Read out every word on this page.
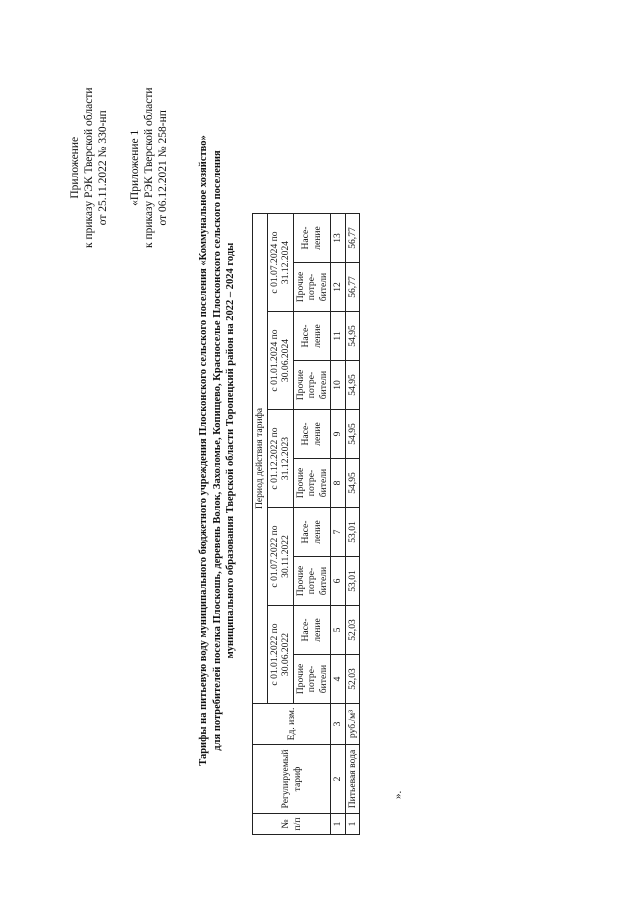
Приложение к приказу РЭК Тверской области от 25.11.2022 № 330-нп «Приложение 1 к приказу РЭК Тверской области от 06.12.2021 № 258-нп	Тарифы на питьевую воду муниципального бюджетного учреждения Плосконского сельского поселения «Коммунальное хозяйство» для потребителей поселка Плоскошь, деревень Волок, Захоломье, Копищево, Красноселье Плосконского сельского поселения муниципального образования Тверской области Торопецкий район на 2022 – 2024 годы
№ п/п	Регулируемый тариф	Ед. изм.	Период действия тарифа									
			с 01.01.2022 по 30.06.2022		с 01.07.2022 по 30.11.2022		с 01.12.2022 по 31.12.2023		с 01.01.2024 по 30.06.2024		с 01.07.2024 по 31.12.2024	
			Прочие потре- бители	Насе- ление	Прочие потре- бители	Насе- ление	Прочие потре- бители	Насе- ление	Прочие потре- бители	Насе- ление	Прочие потре- бители	Насе- ление
1	2	3	4	5	6	7	8	9	10	11	12	13
1	Питьевая вода	руб./м³	52,03	52,03	53,01	53,01	54,95	54,95	54,95	54,95	56,77	56,77
».
